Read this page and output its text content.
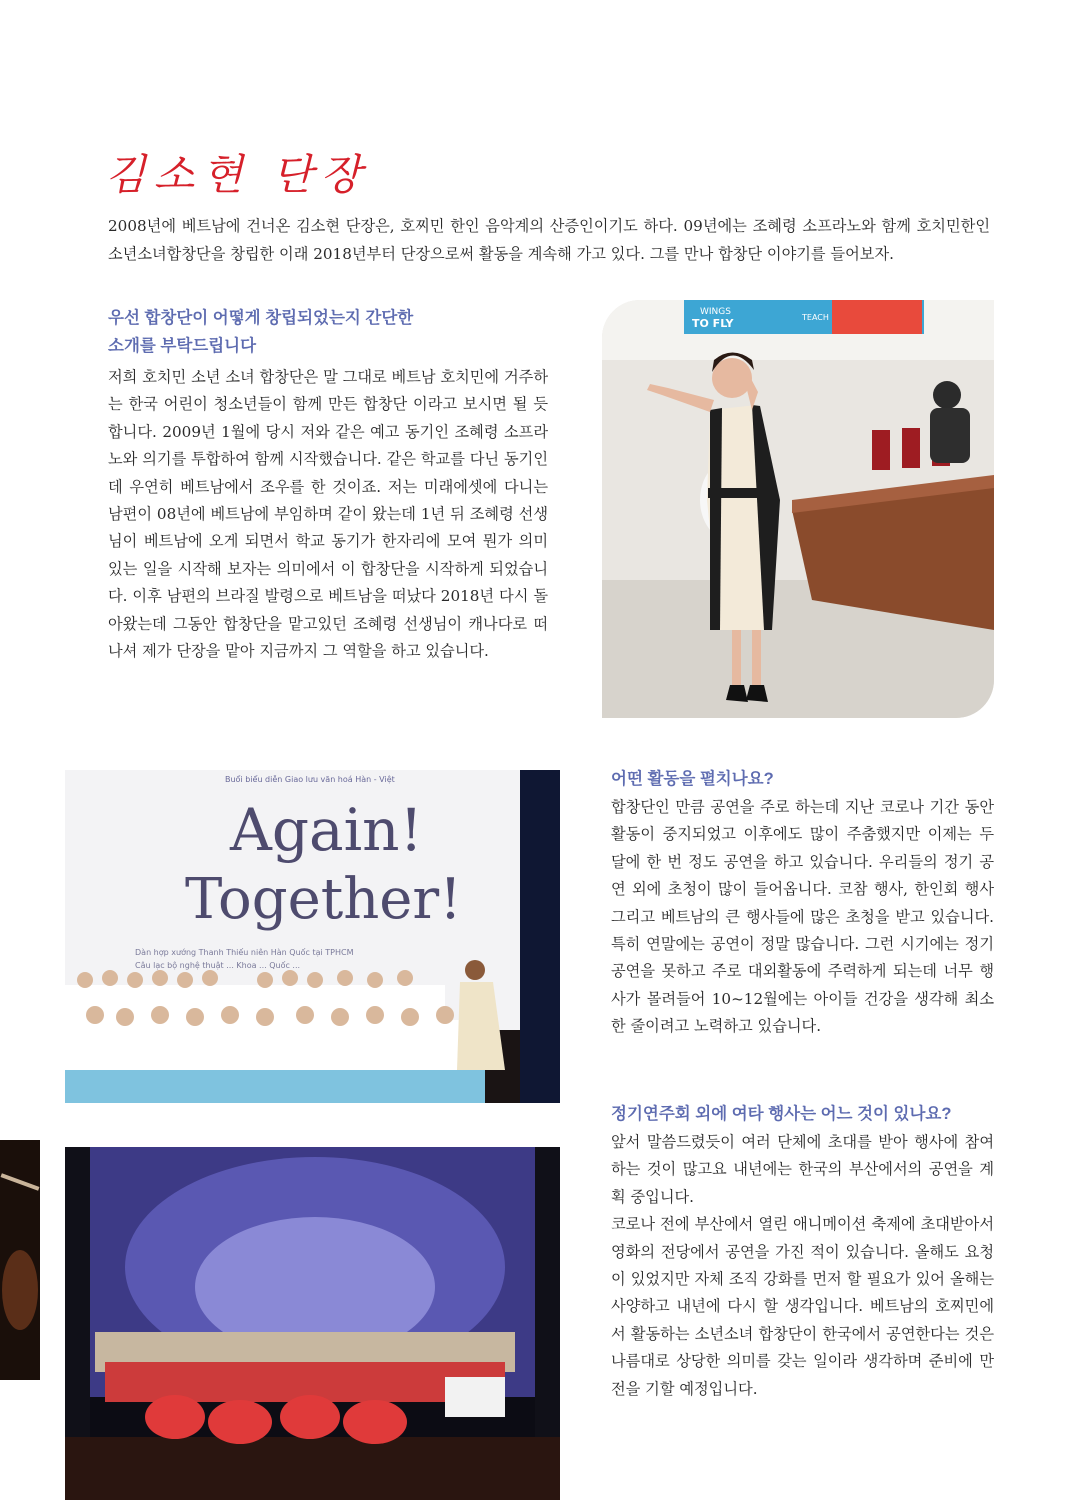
김소현 단장
2008년에 베트남에 건너온 김소현 단장은, 호찌민 한인 음악계의 산증인이기도 하다. 09년에는 조혜령 소프라노와 함께 호치민한인소년소녀합창단을 창립한 이래 2018년부터 단장으로써 활동을 계속해 가고 있다. 그를 만나 합창단 이야기를 들어보자.
우선 합창단이 어떻게 창립되었는지 간단한
소개를 부탁드립니다
저희 호치민 소년 소녀 합창단은 말 그대로 베트남 호치민에 거주하는 한국 어린이 청소년들이 함께 만든 합창단 이라고 보시면 될 듯 합니다. 2009년 1월에 당시 저와 같은 예고 동기인 조혜령 소프라노와 의기를 투합하여 함께 시작했습니다. 같은 학교를 다닌 동기인데 우연히 베트남에서 조우를 한 것이죠. 저는 미래에셋에 다니는 남편이 08년에 베트남에 부임하며 같이 왔는데 1년 뒤 조혜령 선생님이 베트남에 오게 되면서 학교 동기가 한자리에 모여 뭔가 의미 있는 일을 시작해 보자는 의미에서 이 합창단을 시작하게 되었습니다. 이후 남편의 브라질 발령으로 베트남을 떠났다 2018년 다시 돌아왔는데 그동안 합창단을 맡고있던 조혜령 선생님이 캐나다로 떠나셔 제가 단장을 맡아 지금까지 그 역할을 하고 있습니다.
WINGS
TO FLY	TEACH
Buổi biểu diễn Giao lưu văn hoá Hàn - Việt
Again!
Together!
Dàn hợp xướng Thanh Thiếu niên Hàn Quốc tại TPHCM
Câu lạc bộ nghệ thuật ... Khoa ... Quốc ...
어떤 활동을 펼치나요?
합창단인 만큼 공연을 주로 하는데 지난 코로나 기간 동안 활동이 중지되었고 이후에도 많이 주춤했지만 이제는 두 달에 한 번 정도 공연을 하고 있습니다. 우리들의 정기 공연 외에 초청이 많이 들어옵니다. 코참 행사, 한인회 행사 그리고 베트남의 큰 행사들에 많은 초청을 받고 있습니다. 특히 연말에는 공연이 정말 많습니다. 그런 시기에는 정기 공연을 못하고 주로 대외활동에 주력하게 되는데 너무 행사가 몰려들어 10~12월에는 아이들 건강을 생각해 최소한 줄이려고 노력하고 있습니다.
정기연주회 외에 여타 행사는 어느 것이 있나요?

앞서 말씀드렸듯이 여러 단체에 초대를 받아 행사에 참여하는 것이 많고요 내년에는 한국의 부산에서의 공연을 계획 중입니다.

코로나 전에 부산에서 열린 애니메이션 축제에 초대받아서 영화의 전당에서 공연을 가진 적이 있습니다. 올해도 요청이 있었지만 자체 조직 강화를 먼저 할 필요가 있어 올해는 사양하고 내년에 다시 할 생각입니다. 베트남의 호찌민에서 활동하는 소년소녀 합창단이 한국에서 공연한다는 것은 나름대로 상당한 의미를 갖는 일이라 생각하며 준비에 만전을 기할 예정입니다.
